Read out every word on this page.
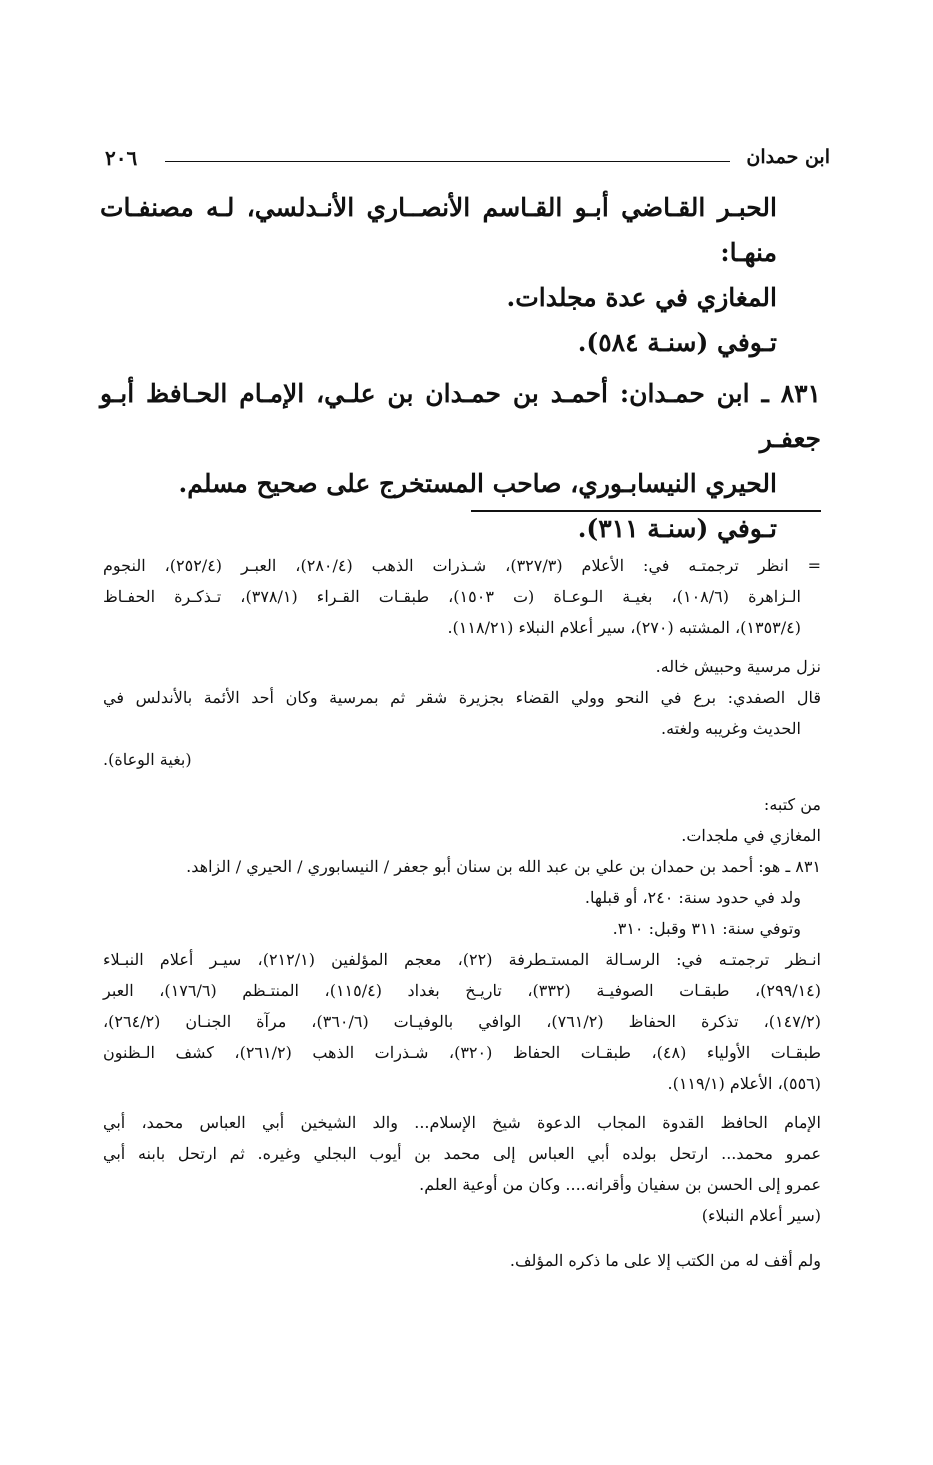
ابن حمدان
٢٠٦

الحبـر القـاضي أبـو القـاسم الأنصــاري الأنـدلسي، لـه مصنفـات منهـا:

المغازي في عدة مجلدات.

تـوفي (سنـة ٥٨٤).

٨٣١ ـ ابن حمـدان: أحمـد بن حمـدان بن علـي، الإمـام الحـافظ أبـو جعفـر

الحيري النيسابـوري، صاحب المستخرج على صحيح مسلم.

تـوفي (سنـة ٣١١).

= انظر ترجمتـه في: الأعلام (٣٢٧/٣)، شـذرات الذهب (٢٨٠/٤)، العبـر (٢٥٢/٤)، النجوم

الـزاهرة (١٠٨/٦)، بغيـة الـوعـاة (ت ١٥٠٣)، طبقـات القـراء (٣٧٨/١)، تـذكـرة الحفـاظ

(١٣٥٣/٤)، المشتبه (٢٧٠)، سير أعلام النبلاء (١١٨/٢١).

نزل مرسية وحبيش خاله.

قال الصفدي: برع في النحو وولي القضاء بجزيرة شقر ثم بمرسية وكان أحد الأئمة بالأندلس في

الحديث وغريبه ولغته.

(بغية الوعاة).

من كتبه:

المغازي في ملجدات.

٨٣١ ـ هو: أحمد بن حمدان بن علي بن عبد الله بن سنان أبو جعفر / النيسابوري / الحيري / الزاهد.

ولد في حدود سنة: ٢٤٠، أو قبلها.

وتوفي سنة: ٣١١ وقبل: ٣١٠.

انـظر ترجمتـه في: الرسـالة المستـطرفة (٢٢)، معجم المؤلفين (٢١٢/١)، سيـر أعلام النبـلاء

(٢٩٩/١٤)، طبقـات الصوفيـة (٣٣٢)، تاريـخ بغداد (١١٥/٤)، المنتـظم (١٧٦/٦)، العبر

(١٤٧/٢)، تذكرة الحفاظ (٧٦١/٢)، الوافي بالوفيـات (٣٦٠/٦)، مرآة الجنـان (٢٦٤/٢)،

طبقـات الأولياء (٤٨)، طبقـات الحفاظ (٣٢٠)، شـذرات الذهب (٢٦١/٢)، كشف الـظنون

(٥٥٦)، الأعلام (١١٩/١).

الإمام الحافظ القدوة المجاب الدعوة شيخ الإسلام... والد الشيخين أبي العباس محمد، أبي

عمرو محمد... ارتحل بولده أبي العباس إلى محمد بن أيوب البجلي وغيره. ثم ارتحل بابنه أبي

عمرو إلى الحسن بن سفيان وأقرانه.... وكان من أوعية العلم.

(سير أعلام النبلاء)

ولم أقف له من الكتب إلا على ما ذكره المؤلف.
